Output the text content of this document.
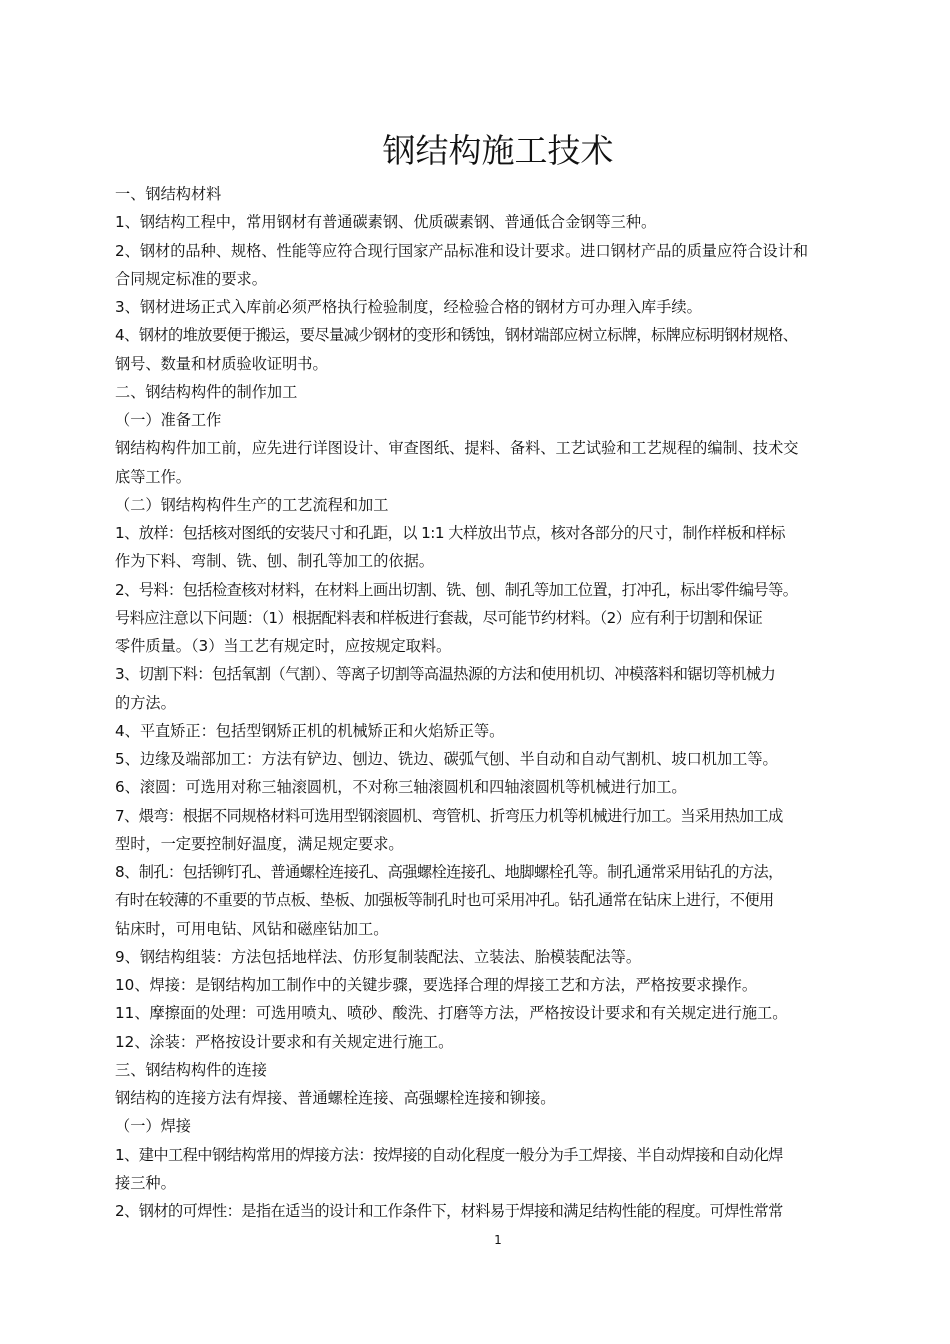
钢结构施工技术
一、钢结构材料
1、钢结构工程中，常用钢材有普通碳素钢、优质碳素钢、普通低合金钢等三种。
2、钢材的品种、规格、性能等应符合现行国家产品标准和设计要求。进口钢材产品的质量应符合设计和
合同规定标准的要求。
3、钢材进场正式入库前必须严格执行检验制度，经检验合格的钢材方可办理入库手续。
4、钢材的堆放要便于搬运，要尽量减少钢材的变形和锈蚀，钢材端部应树立标牌，标牌应标明钢材规格、
钢号、数量和材质验收证明书。
二、钢结构构件的制作加工
（一）准备工作
钢结构构件加工前，应先进行详图设计、审查图纸、提料、备料、工艺试验和工艺规程的编制、技术交
底等工作。
（二）钢结构构件生产的工艺流程和加工
1、放样：包括核对图纸的安装尺寸和孔距，以 1:1 大样放出节点，核对各部分的尺寸，制作样板和样标
作为下料、弯制、铣、刨、制孔等加工的依据。
2、号料：包括检查核对材料，在材料上画出切割、铣、刨、制孔等加工位置，打冲孔，标出零件编号等。
号料应注意以下问题：（1）根据配料表和样板进行套裁，尽可能节约材料。（2）应有利于切割和保证
零件质量。（3）当工艺有规定时，应按规定取料。
3、切割下料：包括氧割（气割）、等离子切割等高温热源的方法和使用机切、冲模落料和锯切等机械力
的方法。
4、平直矫正：包括型钢矫正机的机械矫正和火焰矫正等。
5、边缘及端部加工：方法有铲边、刨边、铣边、碳弧气刨、半自动和自动气割机、坡口机加工等。
6、滚圆：可选用对称三轴滚圆机，不对称三轴滚圆机和四轴滚圆机等机械进行加工。
7、煨弯：根据不同规格材料可选用型钢滚圆机、弯管机、折弯压力机等机械进行加工。当采用热加工成
型时，一定要控制好温度，满足规定要求。
8、制孔：包括铆钉孔、普通螺栓连接孔、高强螺栓连接孔、地脚螺栓孔等。制孔通常采用钻孔的方法，
有时在较薄的不重要的节点板、垫板、加强板等制孔时也可采用冲孔。钻孔通常在钻床上进行，不便用
钻床时，可用电钻、风钻和磁座钻加工。
9、钢结构组装：方法包括地样法、仿形复制装配法、立装法、胎模装配法等。
10、焊接：是钢结构加工制作中的关键步骤，要选择合理的焊接工艺和方法，严格按要求操作。
11、摩擦面的处理：可选用喷丸、喷砂、酸洗、打磨等方法，严格按设计要求和有关规定进行施工。
12、涂装：严格按设计要求和有关规定进行施工。
三、钢结构构件的连接
钢结构的连接方法有焊接、普通螺栓连接、高强螺栓连接和铆接。
（一）焊接
1、建中工程中钢结构常用的焊接方法：按焊接的自动化程度一般分为手工焊接、半自动焊接和自动化焊
接三种。
2、钢材的可焊性：是指在适当的设计和工作条件下，材料易于焊接和满足结构性能的程度。可焊性常常
1
